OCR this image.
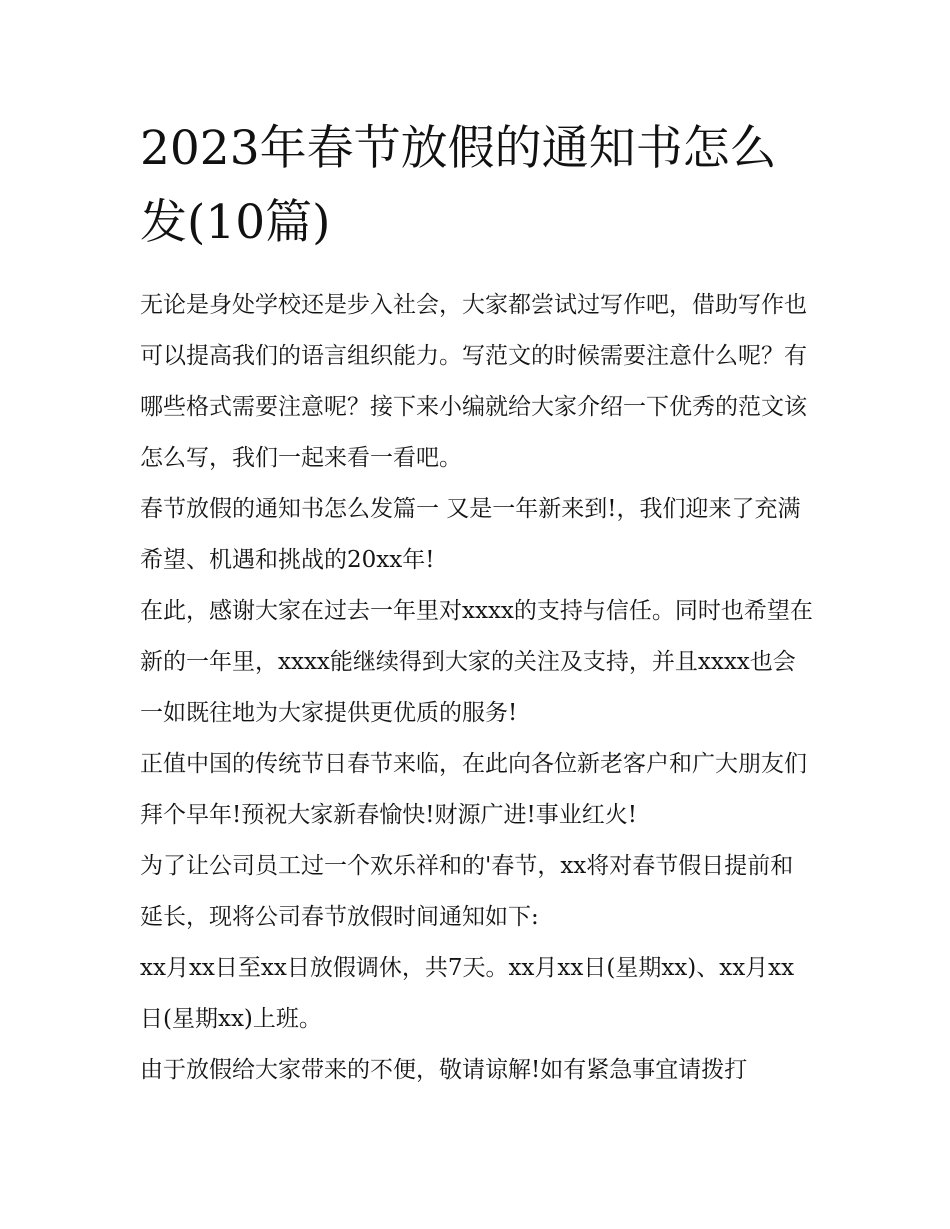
2023年春节放假的通知书怎么发(10篇)

无论是身处学校还是步入社会，大家都尝试过写作吧，借助写作也可以提高我们的语言组织能力。写范文的时候需要注意什么呢？有哪些格式需要注意呢？接下来小编就给大家介绍一下优秀的范文该怎么写，我们一起来看一看吧。

春节放假的通知书怎么发篇一 又是一年新来到!，我们迎来了充满希望、机遇和挑战的20xx年!

在此，感谢大家在过去一年里对xxxx的支持与信任。同时也希望在新的一年里，xxxx能继续得到大家的关注及支持，并且xxxx也会一如既往地为大家提供更优质的服务!

正值中国的传统节日春节来临，在此向各位新老客户和广大朋友们拜个早年!预祝大家新春愉快!财源广进!事业红火!

为了让公司员工过一个欢乐祥和的'春节，xx将对春节假日提前和延长，现将公司春节放假时间通知如下:

xx月xx日至xx日放假调休，共7天。xx月xx日(星期xx)、xx月xx日(星期xx)上班。

由于放假给大家带来的不便，敬请谅解!如有紧急事宜请拨打
